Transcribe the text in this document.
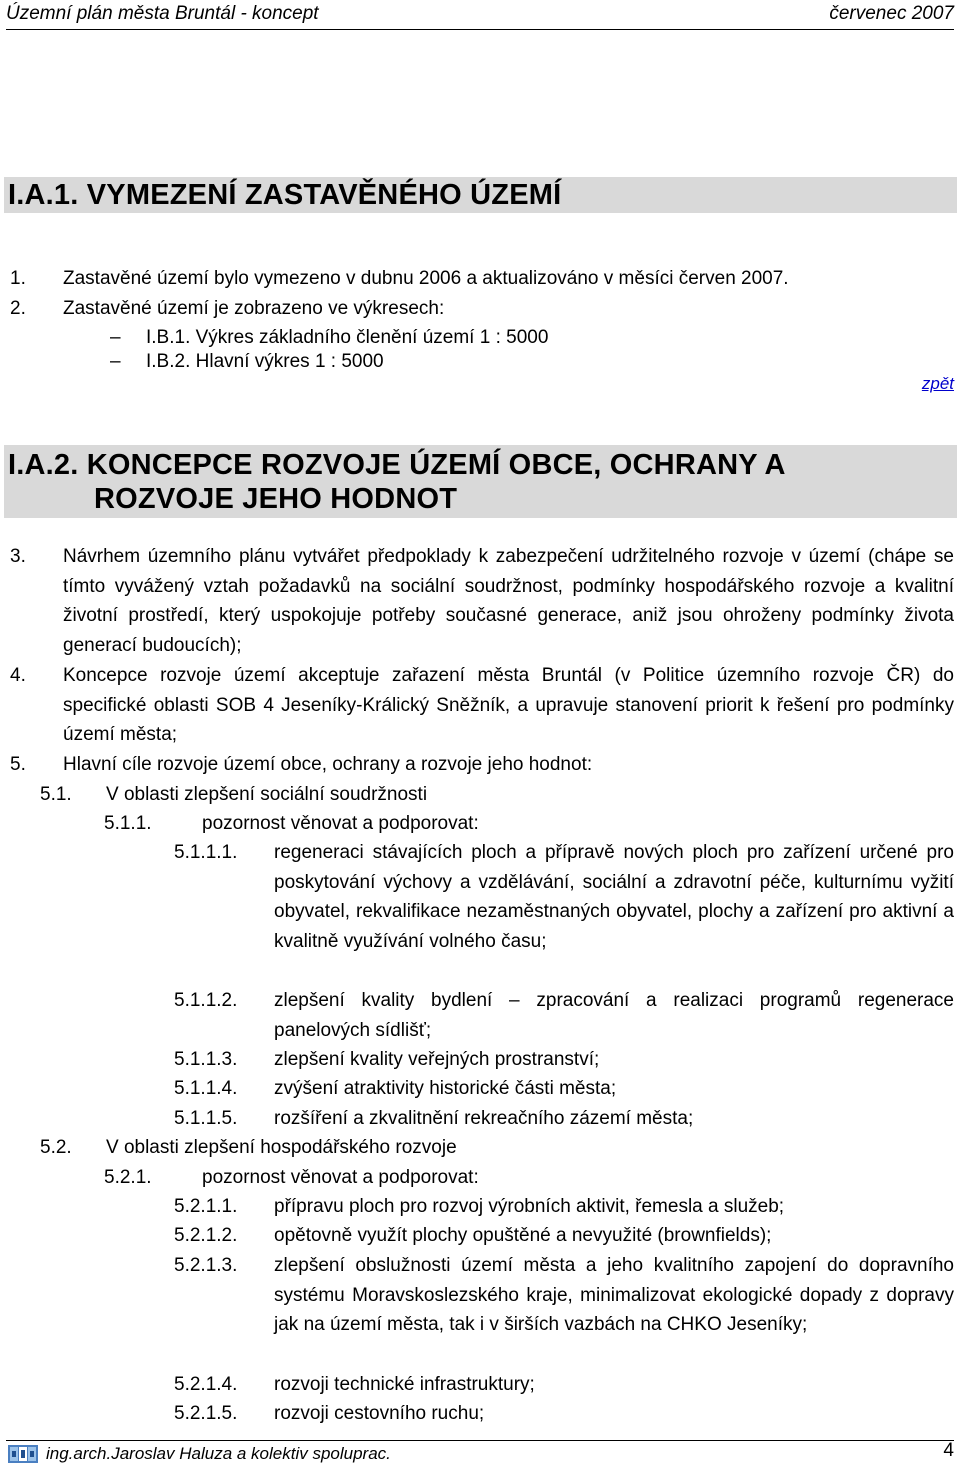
Územní plán města Bruntál - koncept	červenec 2007
I.A.1. VYMEZENÍ ZASTAVĚNÉHO ÚZEMÍ
1. Zastavěné území bylo vymezeno v dubnu 2006 a aktualizováno v měsíci červen 2007.
2. Zastavěné území je zobrazeno ve výkresech:
– I.B.1. Výkres základního členění území 1 : 5000
– I.B.2. Hlavní výkres 1 : 5000
zpět
I.A.2. KONCEPCE ROZVOJE ÚZEMÍ OBCE, OCHRANY A
ROZVOJE JEHO HODNOT
3. Návrhem územního plánu vytvářet předpoklady k zabezpečení udržitelného rozvoje v území (chápe se tímto vyvážený vztah požadavků na sociální soudržnost, podmínky hospodářského rozvoje a kvalitní životní prostředí, který uspokojuje potřeby současné generace, aniž jsou ohroženy podmínky života generací budoucích);
4. Koncepce rozvoje území akceptuje zařazení města Bruntál (v Politice územního rozvoje ČR) do specifické oblasti SOB 4 Jeseníky-Králický Sněžník, a upravuje stanovení priorit k řešení pro podmínky území města;
5. Hlavní cíle rozvoje území obce, ochrany a rozvoje jeho hodnot:
5.1. V oblasti zlepšení sociální soudržnosti
5.1.1.	pozornost věnovat a podporovat:
5.1.1.1. regeneraci stávajících ploch a přípravě nových ploch pro zařízení určené pro poskytování výchovy a vzdělávání, sociální a zdravotní péče, kulturnímu vyžití obyvatel, rekvalifikace nezaměstnaných obyvatel, plochy a zařízení pro aktivní a kvalitně využívání volného času;
5.1.1.2. zlepšení kvality bydlení – zpracování a realizaci programů regenerace panelových sídlišť;
5.1.1.3. zlepšení kvality veřejných prostranství;
5.1.1.4. zvýšení atraktivity historické části města;
5.1.1.5. rozšíření a zkvalitnění rekreačního zázemí města;
5.2. V oblasti zlepšení hospodářského rozvoje
5.2.1.	pozornost věnovat a podporovat:
5.2.1.1. přípravu ploch pro rozvoj výrobních aktivit, řemesla a služeb;
5.2.1.2. opětovně využít plochy opuštěné a nevyužité (brownfields);
5.2.1.3. zlepšení obslužnosti území města a jeho kvalitního zapojení do dopravního systému Moravskoslezského kraje, minimalizovat ekologické dopady z dopravy jak na území města, tak i v širších vazbách na CHKO Jeseníky;
5.2.1.4. rozvoji technické infrastruktury;
5.2.1.5. rozvoji cestovního ruchu;
ing.arch.Jaroslav Haluza a kolektiv spoluprac.	4
